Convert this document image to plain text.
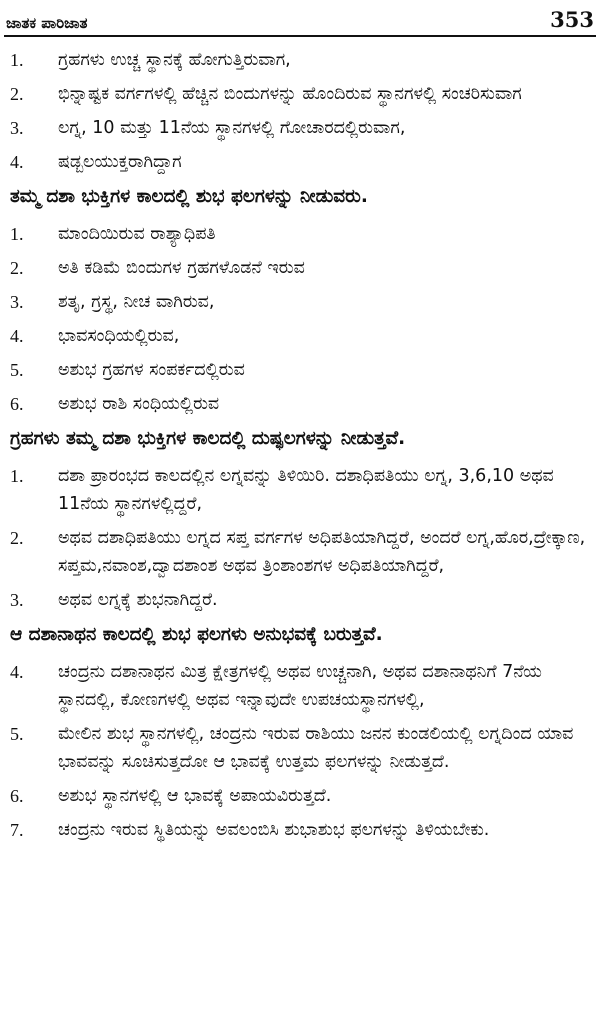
ಜಾತಕ ಪಾರಿಜಾತ	353
1.	ಗ್ರಹಗಳು ಉಚ್ಚ ಸ್ಥಾನಕ್ಕೆ ಹೋಗುತ್ತಿರುವಾಗ,
2.	ಭಿನ್ನಾಷ್ಟಕ ವರ್ಗಗಳಲ್ಲಿ ಹೆಚ್ಚಿನ ಬಿಂದುಗಳನ್ನು ಹೊಂದಿರುವ ಸ್ಥಾನಗಳಲ್ಲಿ ಸಂಚರಿಸುವಾಗ
3.	ಲಗ್ನ, 10 ಮತ್ತು 11ನೆಯ ಸ್ಥಾನಗಳಲ್ಲಿ ಗೋಚಾರದಲ್ಲಿರುವಾಗ,
4.	ಷಡ್ಬಲಯುಕ್ತರಾಗಿದ್ದಾಗ
ತಮ್ಮ ದಶಾ ಭುಕ್ತಿಗಳ ಕಾಲದಲ್ಲಿ ಶುಭ ಫಲಗಳನ್ನು ನೀಡುವರು.
1.	ಮಾಂದಿಯಿರುವ ರಾಶ್ಯಾಧಿಪತಿ
2.	ಅತಿ ಕಡಿಮೆ ಬಿಂದುಗಳ ಗ್ರಹಗಳೊಡನೆ ಇರುವ
3.	ಶತೃ, ಗ್ರಸ್ಥ, ನೀಚ ವಾಗಿರುವ,
4.	ಭಾವಸಂಧಿಯಲ್ಲಿರುವ,
5.	ಅಶುಭ ಗ್ರಹಗಳ ಸಂಪರ್ಕದಲ್ಲಿರುವ
6.	ಅಶುಭ ರಾಶಿ ಸಂಧಿಯಲ್ಲಿರುವ
ಗ್ರಹಗಳು ತಮ್ಮ ದಶಾ ಭುಕ್ತಿಗಳ ಕಾಲದಲ್ಲಿ ದುಷ್ಫಲಗಳನ್ನು ನೀಡುತ್ತವೆ.
1.	ದಶಾ ಪ್ರಾರಂಭದ ಕಾಲದಲ್ಲಿನ ಲಗ್ನವನ್ನು ತಿಳಿಯಿರಿ. ದಶಾಧಿಪತಿಯು ಲಗ್ನ, 3,6,10 ಅಥವ 11ನೆಯ ಸ್ಥಾನಗಳಲ್ಲಿದ್ದರೆ,
2.	ಅಥವ ದಶಾಧಿಪತಿಯು ಲಗ್ನದ ಸಪ್ತ ವರ್ಗಗಳ ಅಧಿಪತಿಯಾಗಿದ್ದರೆ, ಅಂದರೆ ಲಗ್ನ,ಹೊರ,ದ್ರೇಕ್ಕಾಣ, ಸಪ್ತಮ,ನವಾಂಶ,ದ್ವಾದಶಾಂಶ ಅಥವ ತ್ರಿಂಶಾಂಶಗಳ ಅಧಿಪತಿಯಾಗಿದ್ದರೆ,
3.	ಅಥವ ಲಗ್ನಕ್ಕೆ ಶುಭನಾಗಿದ್ದರೆ.
ಆ ದಶಾನಾಥನ ಕಾಲದಲ್ಲಿ ಶುಭ ಫಲಗಳು ಅನುಭವಕ್ಕೆ ಬರುತ್ತವೆ.
4.	ಚಂದ್ರನು ದಶಾನಾಥನ ಮಿತ್ರ ಕ್ಷೇತ್ರಗಳಲ್ಲಿ ಅಥವ ಉಚ್ಚನಾಗಿ, ಅಥವ ದಶಾನಾಥನಿಗೆ 7ನೆಯ ಸ್ಥಾನದಲ್ಲಿ, ಕೋಣಗಳಲ್ಲಿ ಅಥವ ಇನ್ನಾವುದೇ ಉಪಚಯಸ್ಥಾನಗಳಲ್ಲಿ,
5.	ಮೇಲಿನ ಶುಭ ಸ್ಥಾನಗಳಲ್ಲಿ, ಚಂದ್ರನು ಇರುವ ರಾಶಿಯು ಜನನ ಕುಂಡಲಿಯಲ್ಲಿ ಲಗ್ನದಿಂದ ಯಾವ ಭಾವವನ್ನು ಸೂಚಿಸುತ್ತದೋ ಆ ಭಾವಕ್ಕೆ ಉತ್ತಮ ಫಲಗಳನ್ನು ನೀಡುತ್ತದೆ.
6.	ಅಶುಭ ಸ್ಥಾನಗಳಲ್ಲಿ ಆ ಭಾವಕ್ಕೆ ಅಪಾಯವಿರುತ್ತದೆ.
7.	ಚಂದ್ರನು ಇರುವ ಸ್ಥಿತಿಯನ್ನು ಅವಲಂಬಿಸಿ ಶುಭಾಶುಭ ಫಲಗಳನ್ನು ತಿಳಿಯಬೇಕು.
